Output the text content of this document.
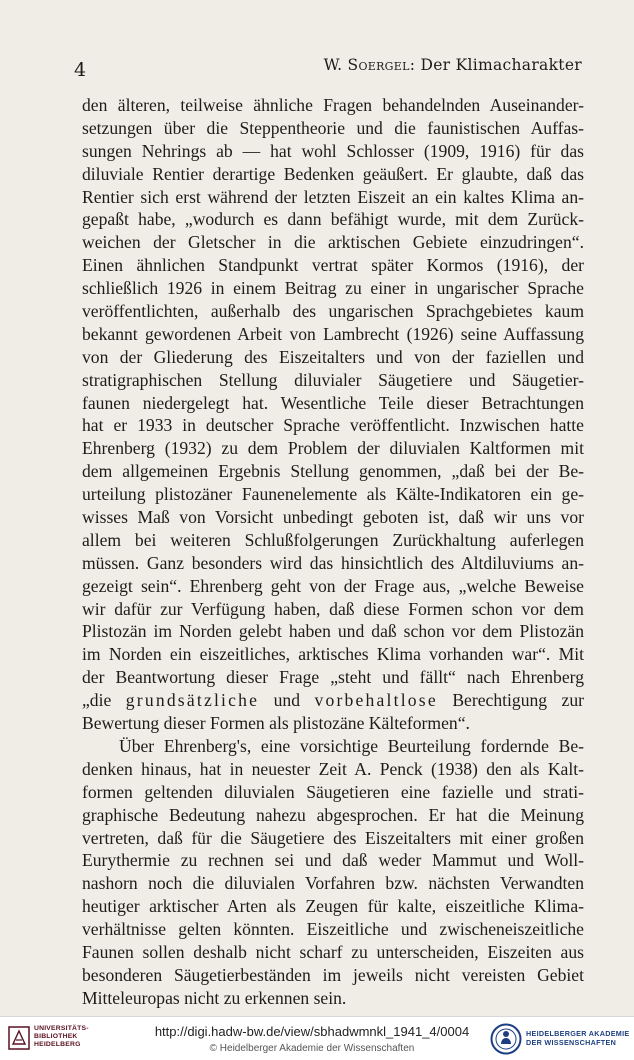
4	W. Soergel: Der Klimacharakter
den älteren, teilweise ähnliche Fragen behandelnden Auseinander-
setzungen über die Steppentheorie und die faunistischen Auffas-
sungen Nehrings ab — hat wohl Schlosser (1909, 1916) für das
diluviale Rentier derartige Bedenken geäußert. Er glaubte, daß das
Rentier sich erst während der letzten Eiszeit an ein kaltes Klima an-
gepaßt habe, „wodurch es dann befähigt wurde, mit dem Zurück-
weichen der Gletscher in die arktischen Gebiete einzudringen“.
Einen ähnlichen Standpunkt vertrat später Kormos (1916), der
schließlich 1926 in einem Beitrag zu einer in ungarischer Sprache
veröffentlichten, außerhalb des ungarischen Sprachgebietes kaum
bekannt gewordenen Arbeit von Lambrecht (1926) seine Auffassung
von der Gliederung des Eiszeitalters und von der faziellen und
stratigraphischen Stellung diluvialer Säugetiere und Säugetier-
faunen niedergelegt hat. Wesentliche Teile dieser Betrachtungen
hat er 1933 in deutscher Sprache veröffentlicht. Inzwischen hatte
Ehrenberg (1932) zu dem Problem der diluvialen Kaltformen mit
dem allgemeinen Ergebnis Stellung genommen, „daß bei der Be-
urteilung plistozäner Faunenelemente als Kälte-Indikatoren ein ge-
wisses Maß von Vorsicht unbedingt geboten ist, daß wir uns vor
allem bei weiteren Schlußfolgerungen Zurückhaltung auferlegen
müssen. Ganz besonders wird das hinsichtlich des Altdiluviums an-
gezeigt sein“. Ehrenberg geht von der Frage aus, „welche Beweise
wir dafür zur Verfügung haben, daß diese Formen schon vor dem
Plistozän im Norden gelebt haben und daß schon vor dem Plistozän
im Norden ein eiszeitliches, arktisches Klima vorhanden war“. Mit
der Beantwortung dieser Frage „steht und fällt“ nach Ehrenberg
„die grundsätzliche und vorbehaltlose Berechtigung zur
Bewertung dieser Formen als plistozäne Kälteformen“.
Über Ehrenberg's, eine vorsichtige Beurteilung fordernde Be-
denken hinaus, hat in neuester Zeit A. Penck (1938) den als Kalt-
formen geltenden diluvialen Säugetieren eine fazielle und strati-
graphische Bedeutung nahezu abgesprochen. Er hat die Meinung
vertreten, daß für die Säugetiere des Eiszeitalters mit einer großen
Eurythermie zu rechnen sei und daß weder Mammut und Woll-
nashorn noch die diluvialen Vorfahren bzw. nächsten Verwandten
heutiger arktischer Arten als Zeugen für kalte, eiszeitliche Klima-
verhältnisse gelten könnten. Eiszeitliche und zwischeneiszeitliche
Faunen sollen deshalb nicht scharf zu unterscheiden, Eiszeiten aus
besonderen Säugetierbeständen im jeweils nicht vereisten Gebiet
Mitteleuropas nicht zu erkennen sein.
UNIVERSITÄTS-
BIBLIOTHEK
HEIDELBERG
http://digi.hadw-bw.de/view/sbhadwmnkl_1941_4/0004
© Heidelberger Akademie der Wissenschaften
HEIDELBERGER AKADEMIE
DER WISSENSCHAFTEN
